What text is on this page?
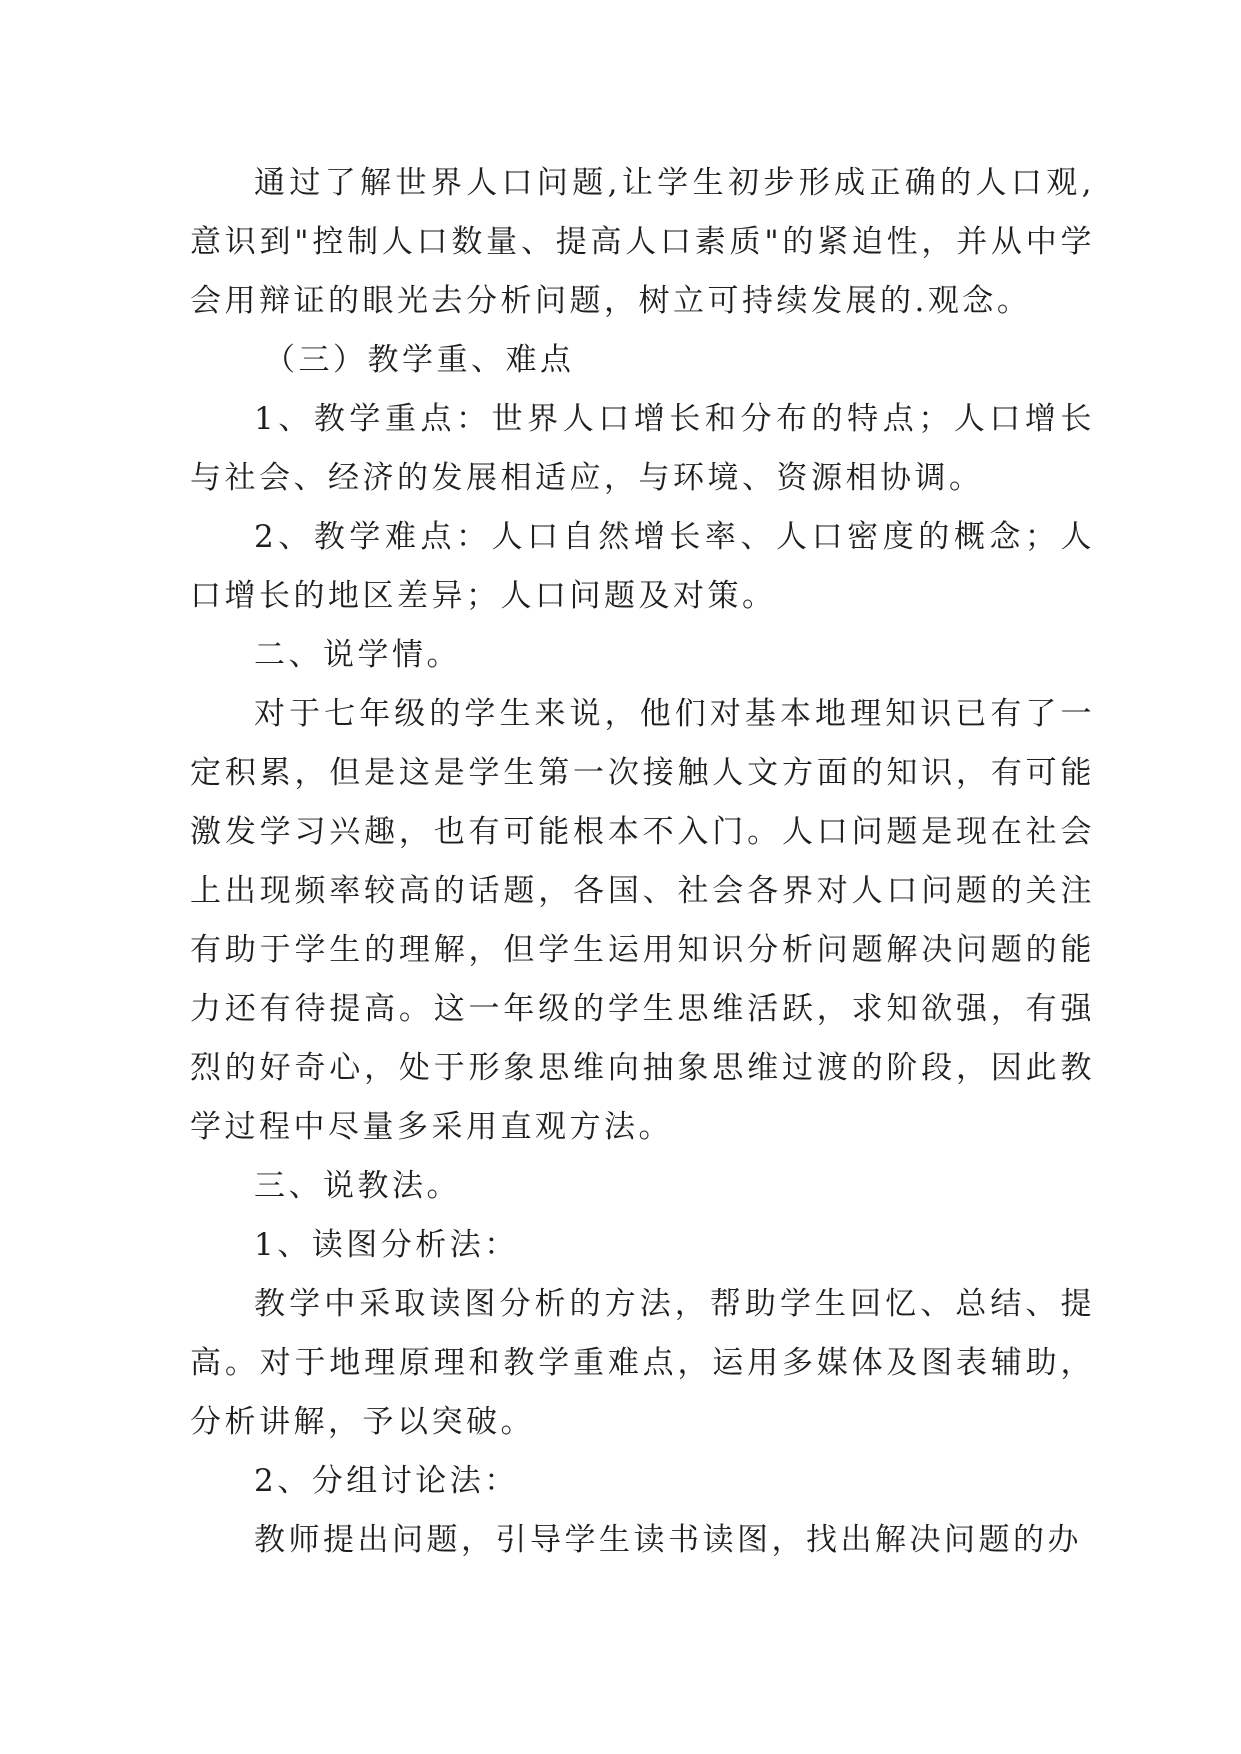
通过了解世界人口问题,让学生初步形成正确的人口观,意识到"控制人口数量、提高人口素质"的紧迫性，并从中学会用辩证的眼光去分析问题，树立可持续发展的.观念。

（三）教学重、难点

1、教学重点：世界人口增长和分布的特点；人口增长与社会、经济的发展相适应，与环境、资源相协调。

2、教学难点：人口自然增长率、人口密度的概念；人口增长的地区差异；人口问题及对策。

二、说学情。

对于七年级的学生来说，他们对基本地理知识已有了一定积累，但是这是学生第一次接触人文方面的知识，有可能激发学习兴趣，也有可能根本不入门。人口问题是现在社会上出现频率较高的话题，各国、社会各界对人口问题的关注有助于学生的理解，但学生运用知识分析问题解决问题的能力还有待提高。这一年级的学生思维活跃，求知欲强，有强烈的好奇心，处于形象思维向抽象思维过渡的阶段，因此教学过程中尽量多采用直观方法。

三、说教法。

1、读图分析法：

教学中采取读图分析的方法，帮助学生回忆、总结、提高。对于地理原理和教学重难点，运用多媒体及图表辅助，分析讲解，予以突破。

2、分组讨论法：

教师提出问题，引导学生读书读图，找出解决问题的办
